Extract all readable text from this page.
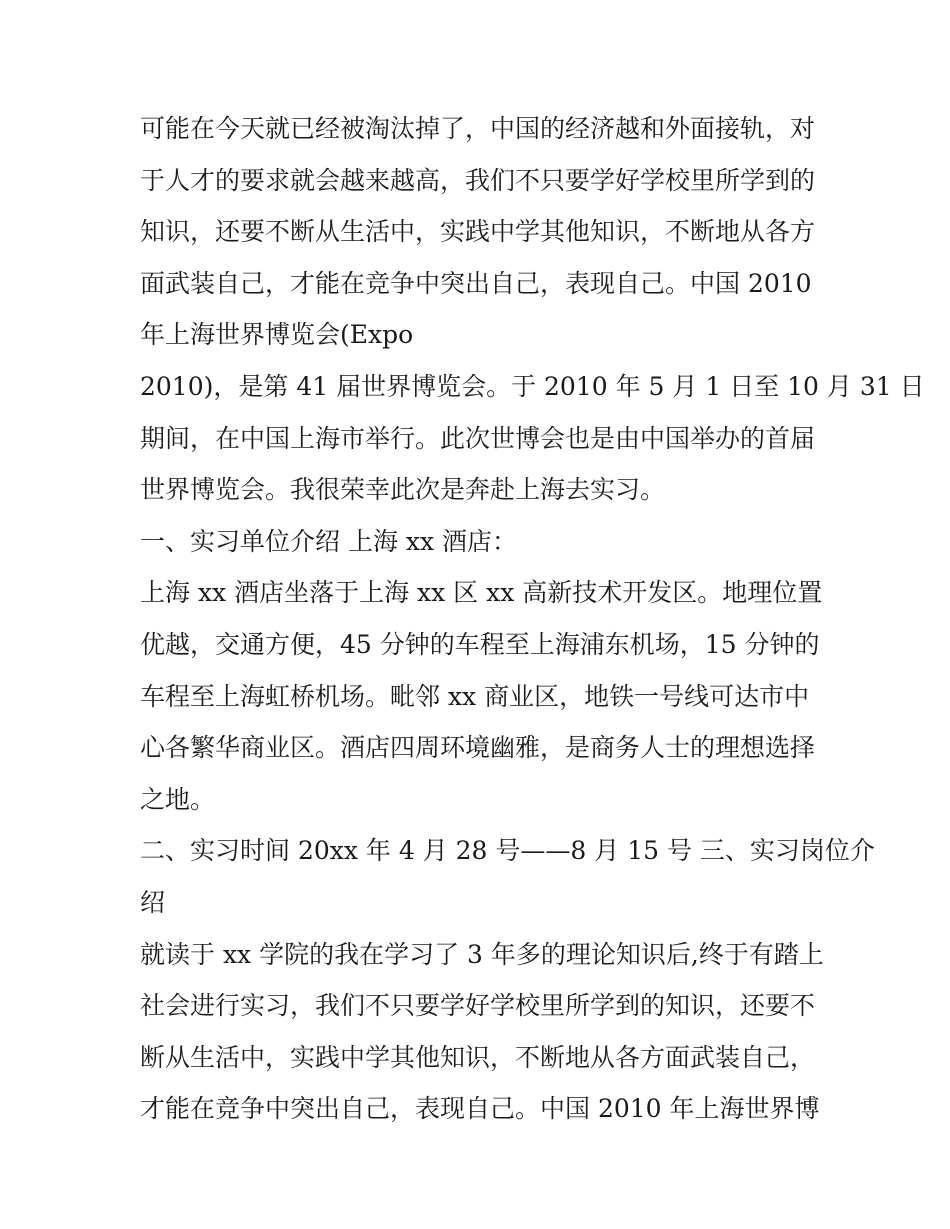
可能在今天就已经被淘汰掉了，中国的经济越和外面接轨，对
于人才的要求就会越来越高，我们不只要学好学校里所学到的
知识，还要不断从生活中，实践中学其他知识，不断地从各方
面武装自己，才能在竞争中突出自己，表现自己。中国 2010
年上海世界博览会(Expo
2010)，是第 41 届世界博览会。于 2010 年 5 月 1 日至 10 月 31 日
期间，在中国上海市举行。此次世博会也是由中国举办的首届
世界博览会。我很荣幸此次是奔赴上海去实习。
一、实习单位介绍 上海 xx 酒店：
上海 xx 酒店坐落于上海 xx 区 xx 高新技术开发区。地理位置
优越，交通方便，45 分钟的车程至上海浦东机场，15 分钟的
车程至上海虹桥机场。毗邻 xx 商业区，地铁一号线可达市中
心各繁华商业区。酒店四周环境幽雅，是商务人士的理想选择
之地。
二、实习时间 20xx 年 4 月 28 号——8 月 15 号 三、实习岗位介
绍
就读于 xx 学院的我在学习了 3 年多的理论知识后,终于有踏上
社会进行实习，我们不只要学好学校里所学到的知识，还要不
断从生活中，实践中学其他知识，不断地从各方面武装自己，
才能在竞争中突出自己，表现自己。中国 2010 年上海世界博
